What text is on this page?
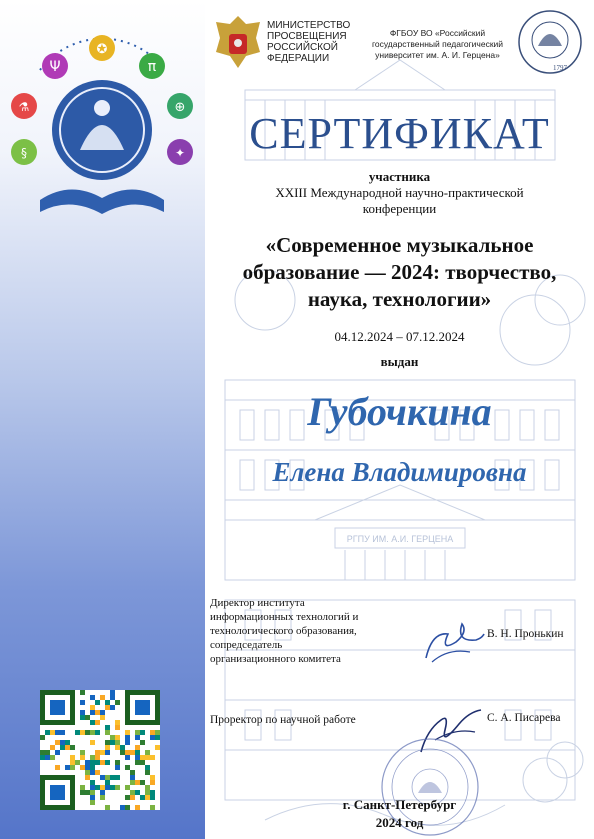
РГПУ ИМ. А.И. ГЕРЦЕНА
Ψ
✪
π
⚗	⊕
§	✦
МИНИСТЕРСТВО
ПРОСВЕЩЕНИЯ
РОССИЙСКОЙ
ФЕДЕРАЦИИ
ФГБОУ ВО «Российский
государственный педагогический
университет им. А. И. Герцена»
1797
СЕРТИФИКАТ
участника
XXIII Международной научно-практической
конференции
«Современное музыкальное
образование — 2024: творчество,
наука, технологии»
04.12.2024 – 07.12.2024
выдан
Губочкина
Елена Владимировна
Директор института
информационных технологий и
технологического образования,
сопредседатель
организационного комитета
В. Н. Пронькин
Проректор по научной работе	С. А. Писарева
г. Санкт-Петербург
2024 год
